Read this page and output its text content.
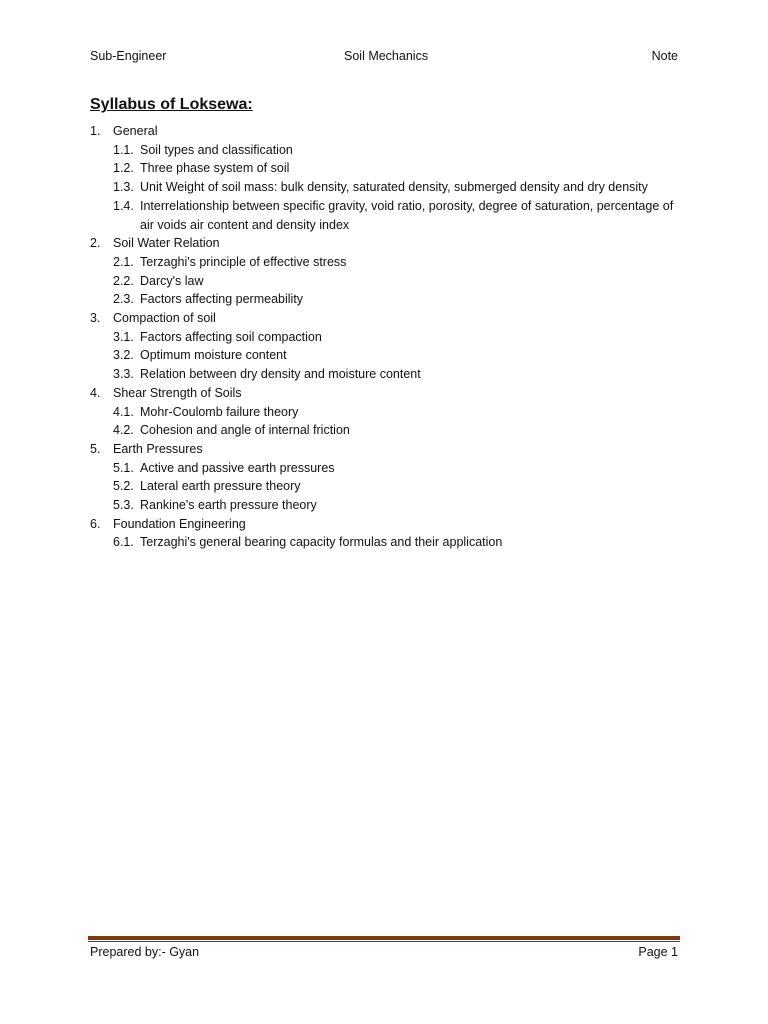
Sub-Engineer	Soil Mechanics	Note
Syllabus of Loksewa:
1. General
1.1. Soil types and classification
1.2. Three phase system of soil
1.3. Unit Weight of soil mass: bulk density, saturated density, submerged density and dry density
1.4. Interrelationship between specific gravity, void ratio, porosity, degree of saturation, percentage of air voids air content and density index
2. Soil Water Relation
2.1. Terzaghi's principle of effective stress
2.2. Darcy's law
2.3. Factors affecting permeability
3. Compaction of soil
3.1. Factors affecting soil compaction
3.2. Optimum moisture content
3.3. Relation between dry density and moisture content
4. Shear Strength of Soils
4.1. Mohr-Coulomb failure theory
4.2. Cohesion and angle of internal friction
5. Earth Pressures
5.1. Active and passive earth pressures
5.2. Lateral earth pressure theory
5.3. Rankine's earth pressure theory
6. Foundation Engineering
6.1. Terzaghi's general bearing capacity formulas and their application
Prepared by:- Gyan	Page 1
